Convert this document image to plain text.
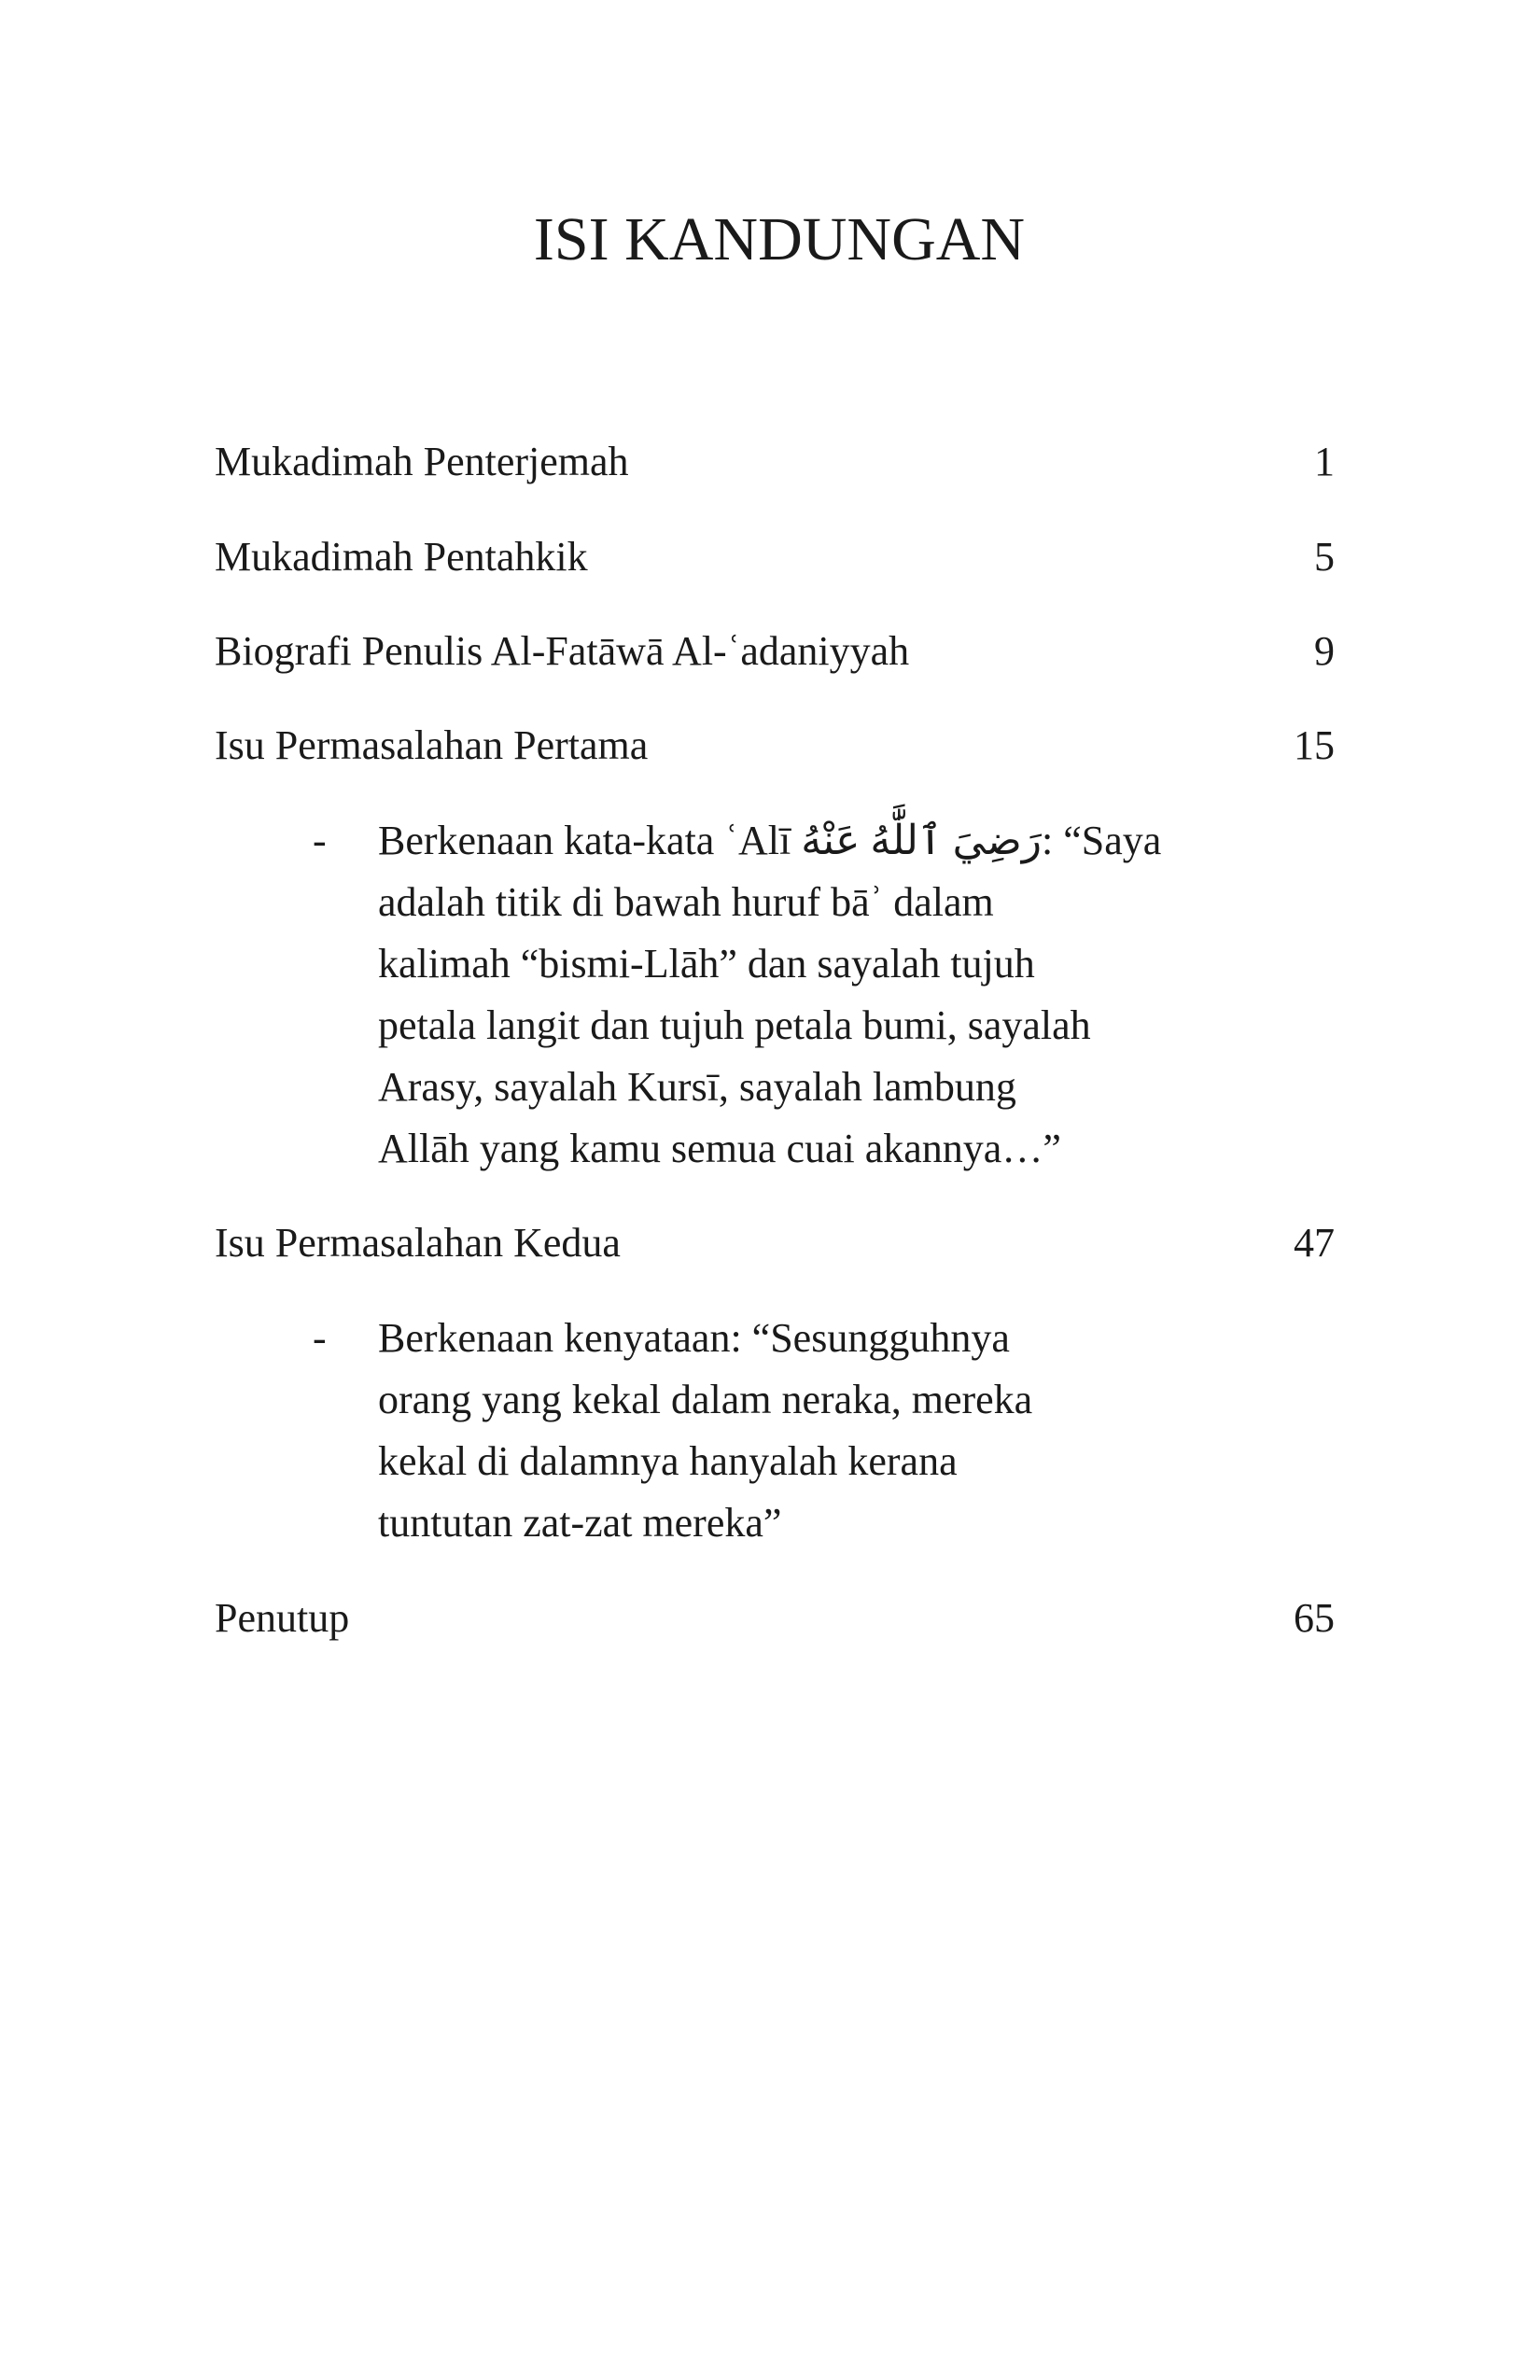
ISI KANDUNGAN
Mukadimah Penterjemah	1
Mukadimah Pentahkik	5
Biografi Penulis Al-Fatāwā Al-ʿadaniyyah	9
Isu Permasalahan Pertama	15
- Berkenaan kata-kata ʿAlī رَضِيَ ٱللَّٰهُ عَنْهُ: “Saya
adalah titik di bawah huruf bāʾ dalam
kalimah “bismi-Llāh” dan sayalah tujuh
petala langit dan tujuh petala bumi, sayalah
Arasy, sayalah Kursī, sayalah lambung
Allāh yang kamu semua cuai akannya…”
Isu Permasalahan Kedua	47
- Berkenaan kenyataan: “Sesungguhnya
orang yang kekal dalam neraka, mereka
kekal di dalamnya hanyalah kerana
tuntutan zat-zat mereka”
Penutup	65
